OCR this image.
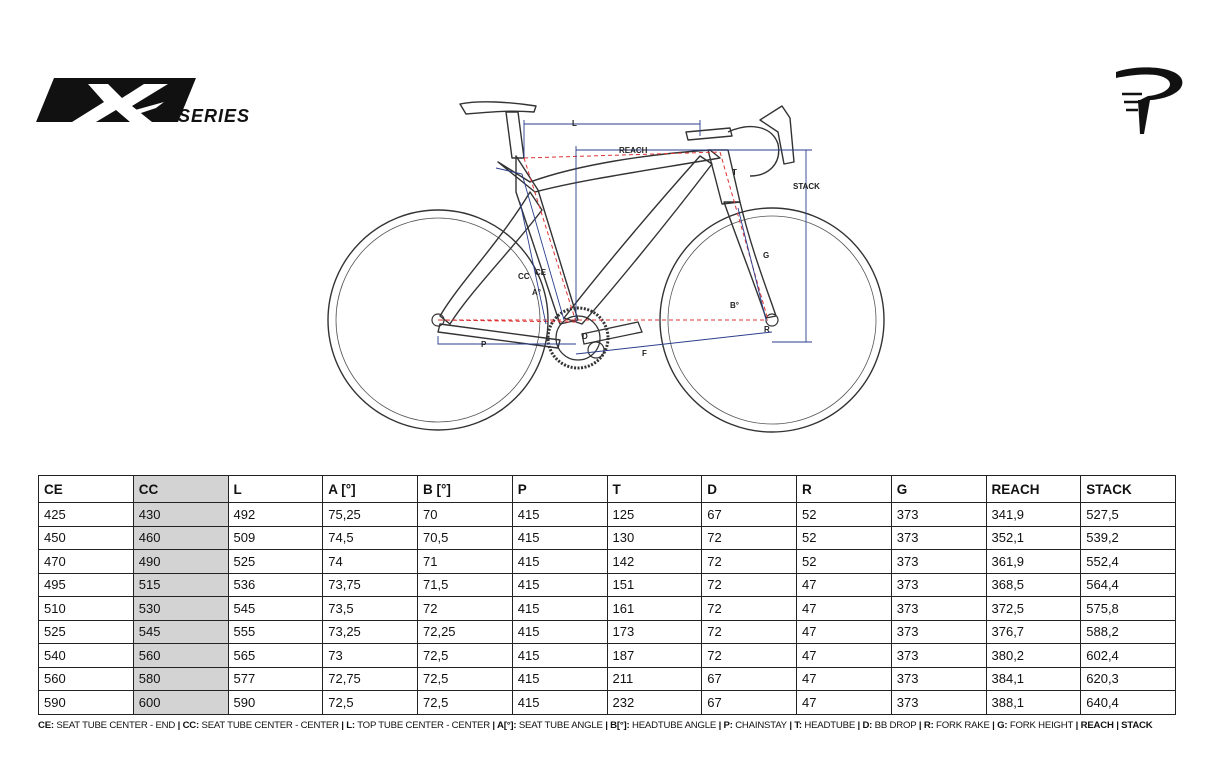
SERIES	L
REACH
STACK
T
G
CC CE
A°
B°
D
R
P
F
CE	CC	L	A [°]	B [°]	P	T	D	R	G	REACH	STACK
425	430	492	75,25	70	415	125	67	52	373	341,9	527,5
450	460	509	74,5	70,5	415	130	72	52	373	352,1	539,2
470	490	525	74	71	415	142	72	52	373	361,9	552,4
495	515	536	73,75	71,5	415	151	72	47	373	368,5	564,4
510	530	545	73,5	72	415	161	72	47	373	372,5	575,8
525	545	555	73,25	72,25	415	173	72	47	373	376,7	588,2
540	560	565	73	72,5	415	187	72	47	373	380,2	602,4
560	580	577	72,75	72,5	415	211	67	47	373	384,1	620,3
590	600	590	72,5	72,5	415	232	67	47	373	388,1	640,4
CE: SEAT TUBE CENTER - END | CC: SEAT TUBE CENTER - CENTER | L: TOP TUBE CENTER - CENTER | A[°]: SEAT TUBE ANGLE | B[°]: HEADTUBE ANGLE | P: CHAINSTAY | T: HEADTUBE | D: BB DROP | R: FORK RAKE | G: FORK HEIGHT | REACH | STACK
